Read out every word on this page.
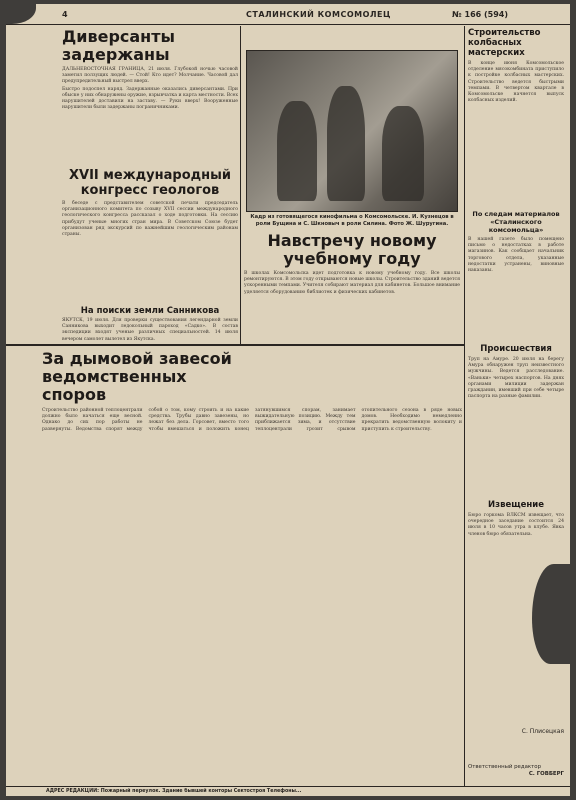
4	СТАЛИНСКИЙ КОМСОМОЛЕЦ	№ 166 (594)

Диверсанты задержаны

ДАЛЬНЕВОСТОЧНАЯ ГРАНИЦА, 21 июля. Глубокой ночью часовой заметил ползущих людей. — Стой! Кто идет? Молчание. Часовой дал предупредительный выстрел вверх.

Быстро подоспел наряд. Задержанные оказались диверсантами. При обыске у них обнаружены оружие, взрывчатка и карта местности. Всех нарушителей доставили на заставу. — Руки вверх! Вооруженные нарушители были задержаны пограничниками.

XVII международный конгресс геологов

В беседе с представителем советской печати председатель организационного комитета по созыву XVII сессии международного геологического конгресса рассказал о ходе подготовки. На сессию прибудут ученые многих стран мира. В Советском Союзе будет организован ряд экскурсий по важнейшим геологическим районам страны.

На поиски земли Санникова

ЯКУТСК, 19 июля. Для проверки существования легендарной земли Санникова выходит ледокольный пароход «Садко». В состав экспедиции входят ученые различных специальностей. 14 июля вечером самолет вылетел из Якутска.

Кадр из готовящегося кинофильма о Комсомольске. И. Кузнецов в роли Бущина и С. Шкновыч в роли Силина. Фото Ж. Шуругина.

Навстречу новому учебному году

В школах Комсомольска идет подготовка к новому учебному году. Все школы ремонтируются. В этом году открываются новые школы. Строительство зданий ведется ускоренными темпами. Учителя собирают материал для кабинетов. Большое внимание уделяется оборудованию библиотек и физических кабинетов.

Строительство колбасных мастерских

В конце июня Комсомольское отделение мясокомбината приступило к постройке колбасных мастерских. Строительство ведется быстрыми темпами. В четвертом квартале в Комсомольске начнется выпуск колбасных изделий.

По следам материалов «Сталинского комсомольца»

В нашей газете было помещено письмо о недостатках в работе магазинов. Как сообщает начальник торгового отдела, указанные недостатки устранены, виновные наказаны.

Происшествия

Труп на Амуре. 20 июля на берегу Амура обнаружен труп неизвестного мужчины. Ведется расследование. «Ваньки» четырех наспортов. На днях органами милиции задержан гражданин, имевший при себе четыре паспорта на разные фамилии.

Извещение

Бюро горкома ВЛКСМ извещает, что очередное заседание состоится 24 июля в 10 часов утра в клубе. Явка членов бюро обязательна.

За дымовой завесой ведомственных споров

Строительство районной теплоцентрали должно было начаться еще весной. Однако до сих пор работы не развернуты. Ведомства спорят между собой о том, кому строить и на какие средства. Трубы давно завезены, но лежат без дела. Горсовет, вместо того чтобы вмешаться и положить конец затянувшимся спорам, занимает выжидательную позицию. Между тем приближается зима, и отсутствие теплоцентрали грозит срывом отопительного сезона в ряде новых домов. Необходимо немедленно прекратить ведомственную волокиту и приступить к строительству.

С. Плисецкая
Ответственный редактор
С. ГОВБЕРГ
АДРЕС РЕДАКЦИИ: Пожарный переулок. Здание бывшей конторы Сектостроя Телефоны...
